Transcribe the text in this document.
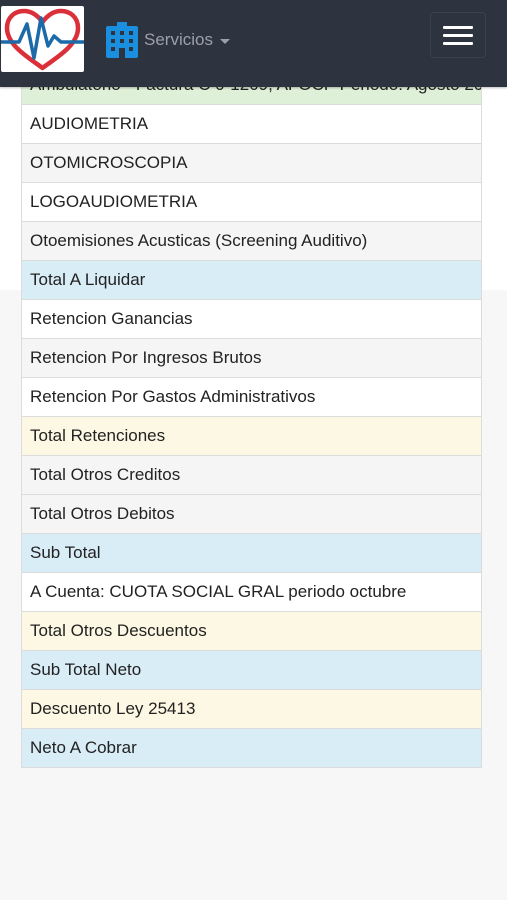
AUDIOMETRIA
OTOMICROSCOPIA
LOGOAUDIOMETRIA
Otoemisiones Acusticas (Screening Auditivo)
Total A Liquidar
Retencion Ganancias
Retencion Por Ingresos Brutos
Retencion Por Gastos Administrativos
Total Retenciones
Total Otros Creditos
Total Otros Debitos
Sub Total
A Cuenta: CUOTA SOCIAL GRAL periodo octubre
Total Otros Descuentos
Sub Total Neto
Descuento Ley 25413
Neto A Cobrar
Servicios
